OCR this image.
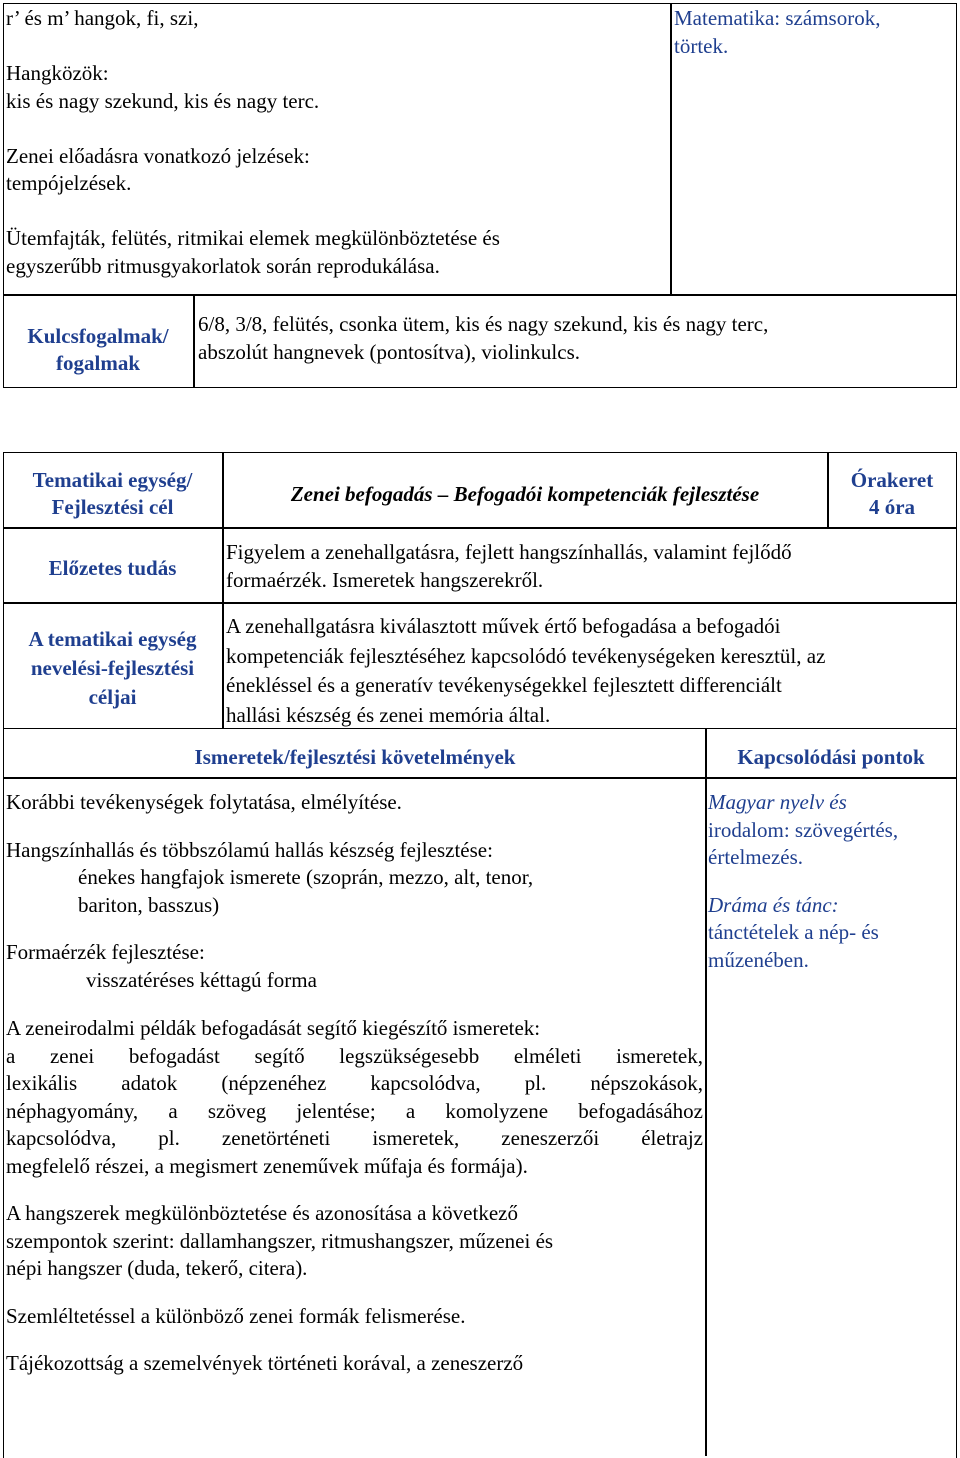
r’ és m’ hangok, fi, szi,

Hangközök:

kis és nagy szekund, kis és nagy terc.

Zenei előadásra vonatkozó jelzések:

tempójelzések.

Ütemfajták, felütés, ritmikai elemek megkülönböztetése és

egyszerűbb ritmusgyakorlatok során reprodukálása.

Matematika: számsorok,

törtek.

Kulcsfogalmak/

fogalmak

6/8, 3/8, felütés, csonka ütem, kis és nagy szekund, kis és nagy terc,

abszolút hangnevek (pontosítva), violinkulcs.

Tematikai egység/

Fejlesztési cél

Zenei befogadás – Befogadói kompetenciák fejlesztése

Órakeret

4 óra

Előzetes tudás

Figyelem a zenehallgatásra, fejlett hangszínhallás, valamint fejlődő

formaérzék. Ismeretek hangszerekről.

A tematikai egység

nevelési-fejlesztési

céljai

A zenehallgatásra kiválasztott művek értő befogadása a befogadói

kompetenciák fejlesztéséhez kapcsolódó tevékenységeken keresztül, az

énekléssel és a generatív tevékenységekkel fejlesztett differenciált

hallási készség és zenei memória által.

Ismeretek/fejlesztési követelmények	Kapcsolódási pontok

Korábbi tevékenységek folytatása, elmélyítése.

Hangszínhallás és többszólamú hallás készség fejlesztése:

énekes hangfajok ismerete (szoprán, mezzo, alt, tenor,

bariton, basszus)

Formaérzék fejlesztése:

visszatéréses kéttagú forma

A zeneirodalmi példák befogadását segítő kiegészítő ismeretek:

a zenei befogadást segítő legszükségesebb elméleti ismeretek,

lexikális adatok (népzenéhez kapcsolódva, pl. népszokások,

néphagyomány, a szöveg jelentése; a komolyzene befogadásához

kapcsolódva, pl. zenetörténeti ismeretek, zeneszerzői életrajz

megfelelő részei, a megismert zeneművek műfaja és formája).

A hangszerek megkülönböztetése és azonosítása a következő

szempontok szerint: dallamhangszer, ritmushangszer, műzenei és

népi hangszer (duda, tekerő, citera).

Szemléltetéssel a különböző zenei formák felismerése.

Tájékozottság a szemelvények történeti korával, a zeneszerző

Magyar nyelv és

irodalom: szövegértés,

értelmezés.

Dráma és tánc:

tánctételek a nép- és

műzenében.
